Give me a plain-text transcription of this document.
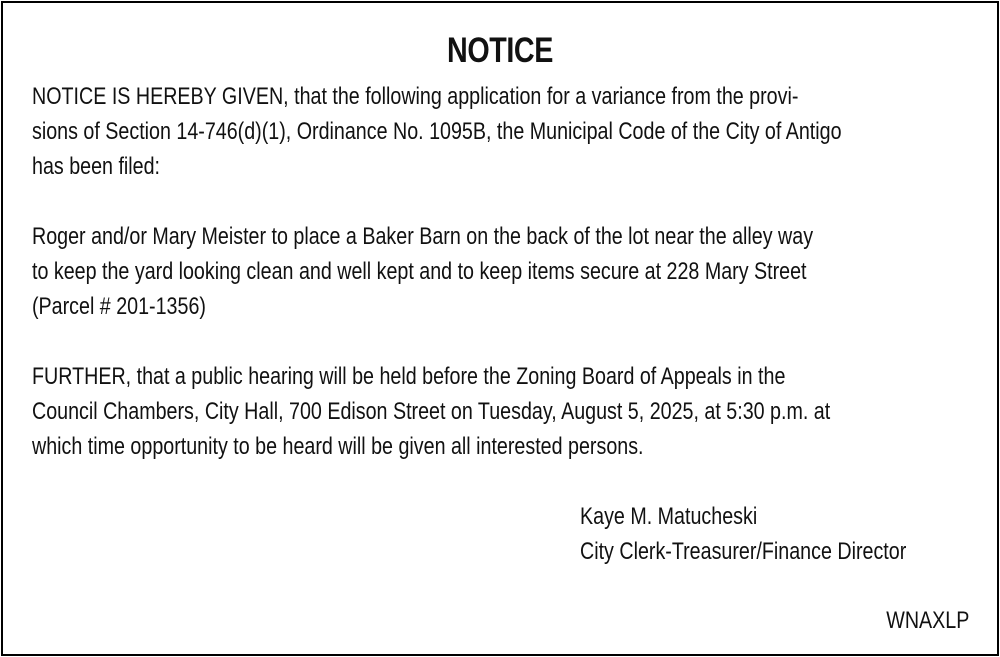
NOTICE
NOTICE IS HEREBY GIVEN, that the following application for a variance from the provi-
sions of Section 14-746(d)(1), Ordinance No. 1095B, the Municipal Code of the City of Antigo
has been filed:
Roger and/or Mary Meister to place a Baker Barn on the back of the lot near the alley way
to keep the yard looking clean and well kept and to keep items secure at 228 Mary Street
(Parcel # 201-1356)
FURTHER, that a public hearing will be held before the Zoning Board of Appeals in the
Council Chambers, City Hall, 700 Edison Street on Tuesday, August 5, 2025, at 5:30 p.m. at
which time opportunity to be heard will be given all interested persons.
Kaye M. Matucheski
City Clerk-Treasurer/Finance Director
WNAXLP
